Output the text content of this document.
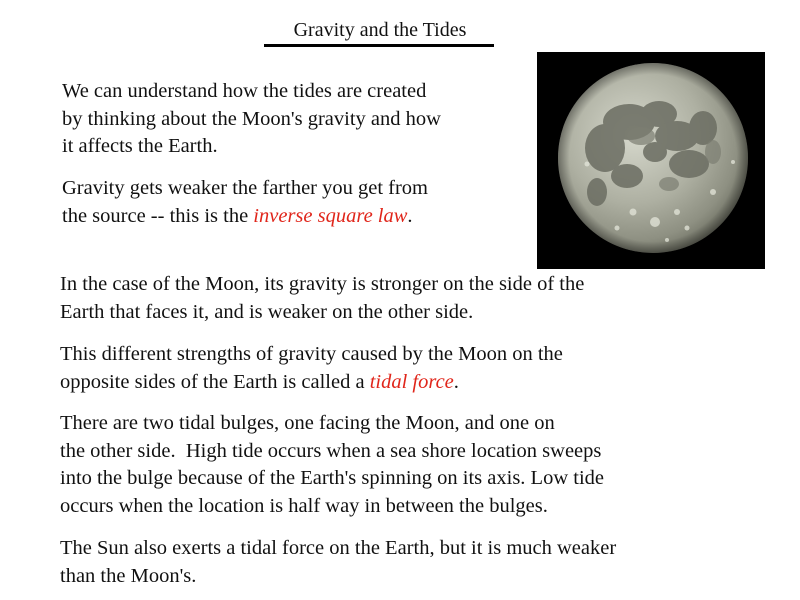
Gravity and the Tides

We can understand how the tides are created
by thinking about the Moon's gravity and how
it affects the Earth.

Gravity gets weaker the farther you get from
the source -- this is the inverse square law.

In the case of the Moon, its gravity is stronger on the side of the
Earth that faces it, and is weaker on the other side.

This different strengths of gravity caused by the Moon on the
opposite sides of the Earth is called a tidal force.

There are two tidal bulges, one facing the Moon, and one on
the other side.  High tide occurs when a sea shore location sweeps
into the bulge because of the Earth's spinning on its axis. Low tide
occurs when the location is half way in between the bulges.

The Sun also exerts a tidal force on the Earth, but it is much weaker
than the Moon's.
